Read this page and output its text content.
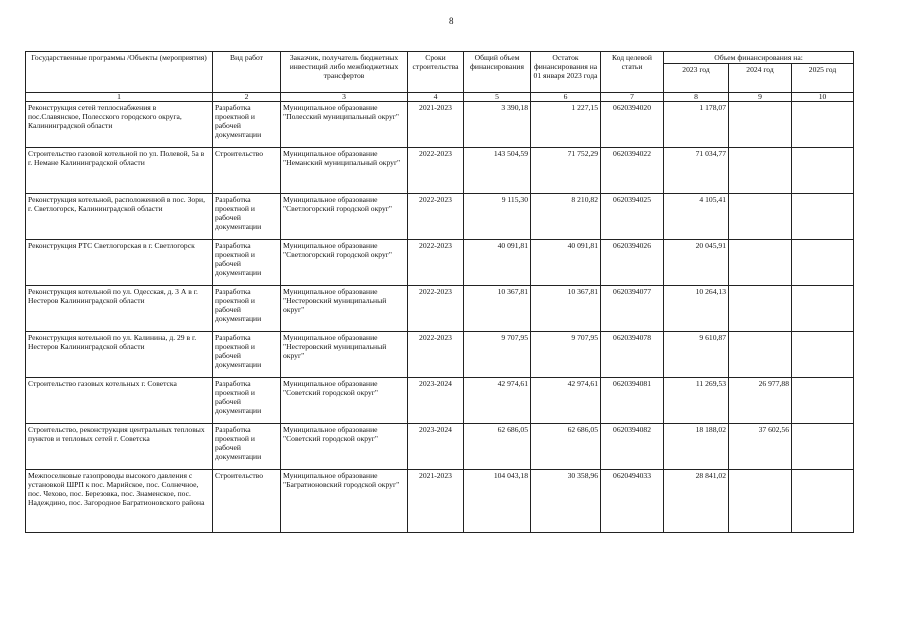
8
Государственные программы /Объекты (мероприятия)	Вид работ	Заказчик, получатель бюджетных инвестиций либо межбюджетных трансфертов	Сроки строительства	Общий объем финансирования	Остаток финансирования на 01 января 2023 года	Код целевой статьи	Объем финансирования на:		
							2023 год	2024 год	2025 год
1	2	3	4	5	6	7	8	9	10
Реконструкция сетей теплоснабжения в пос.Славянское, Полесского городского округа, Калининградской области	Разработка проектной и рабочей документации	Муниципальное образование "Полесский муниципальный округ"	2021-2023	3 390,18	1 227,15	0620394020	1 178,07		
Строительство газовой котельной по ул. Полевой, 5а в г. Немане Калининградской области	Строительство	Муниципальное образование "Неманский муниципальный округ"	2022-2023	143 504,59	71 752,29	0620394022	71 034,77		
Реконструкция котельной, расположенной в пос. Зори, г. Светлогорск, Калининградской области	Разработка проектной и рабочей документации	Муниципальное образование "Светлогорский городской округ"	2022-2023	9 115,30	8 210,82	0620394025	4 105,41		
Реконструкция РТС Светлогорская в г. Светлогорск	Разработка проектной и рабочей документации	Муниципальное образование "Светлогорский городской округ"	2022-2023	40 091,81	40 091,81	0620394026	20 045,91		
Реконструкция котельной по ул. Одесская, д. 3 А в г. Нестеров Калининградской области	Разработка проектной и рабочей документации	Муниципальное образование "Нестеровский муниципальный округ"	2022-2023	10 367,81	10 367,81	0620394077	10 264,13		
Реконструкция котельной по ул. Калинина, д. 29 в г. Нестеров Калининградской области	Разработка проектной и рабочей документации	Муниципальное образование "Нестеровский муниципальный округ"	2022-2023	9 707,95	9 707,95	0620394078	9 610,87		
Строительство газовых котельных г. Советска	Разработка проектной и рабочей документации	Муниципальное образование "Советский городской округ"	2023-2024	42 974,61	42 974,61	0620394081	11 269,53	26 977,88	
Строительство, реконструкция центральных тепловых пунктов и тепловых сетей г. Советска	Разработка проектной и рабочей документации	Муниципальное образование "Советский городской округ"	2023-2024	62 686,05	62 686,05	0620394082	18 188,02	37 602,56	
Межпоселковые газопроводы высокого давления с установкой ШРП к пос. Марийское, пос. Солнечное, пос. Чехово, пос. Березовка, пос. Знаменское, пос. Надеждино, пос. Загородное Багратионовского района	Строительство	Муниципальное образование "Багратионовский городской округ"	2021-2023	104 043,18	30 358,96	0620494033	28 841,02		
